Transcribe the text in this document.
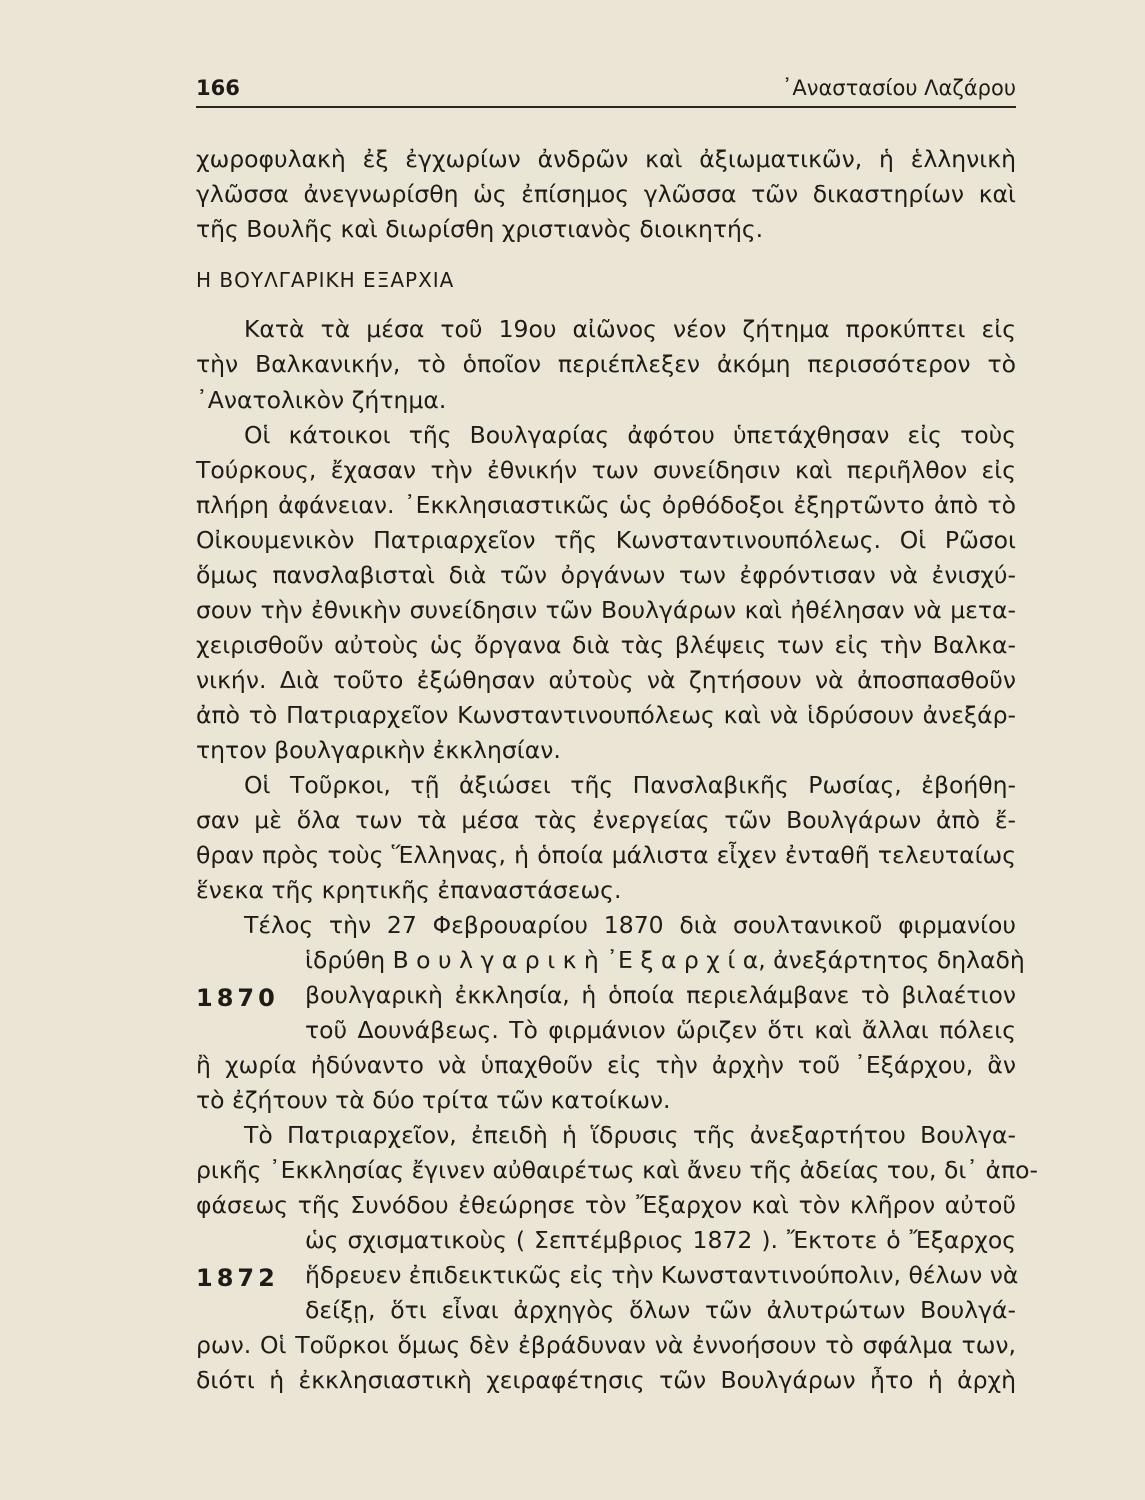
166	᾿Αναστασίου Λαζάρου
χωροφυλακὴ ἐξ ἐγχωρίων ἀνδρῶν καὶ ἀξιωματικῶν, ἡ ἑλληνικὴ
γλῶσσα ἀνεγνωρίσθη ὡς ἐπίσημος γλῶσσα τῶν δικαστηρίων καὶ
τῆς Βουλῆς καὶ διωρίσθη χριστιανὸς διοικητής.
Η ΒΟΥΛΓΑΡΙΚΗ ΕΞΑΡΧΙΑ
Κατὰ τὰ μέσα τοῦ 19ου αἰῶνος νέον ζήτημα προκύπτει εἰς
τὴν Βαλκανικήν, τὸ ὁποῖον περιέπλεξεν ἀκόμη περισσότερον τὸ
᾿Ανατολικὸν ζήτημα.
Οἱ κάτοικοι τῆς Βουλγαρίας ἀφότου ὑπετάχθησαν εἰς τοὺς
Τούρκους, ἔχασαν τὴν ἐθνικήν των συνείδησιν καὶ περιῆλθον εἰς
πλήρη ἀφάνειαν. ᾿Εκκλησιαστικῶς ὡς ὀρθόδοξοι ἐξηρτῶντο ἀπὸ τὸ
Οἰκουμενικὸν Πατριαρχεῖον τῆς Κωνσταντινουπόλεως. Οἱ Ρῶσοι
ὅμως πανσλαβισταὶ διὰ τῶν ὀργάνων των ἐφρόντισαν νὰ ἐνισχύ-
σουν τὴν ἐθνικὴν συνείδησιν τῶν Βουλγάρων καὶ ἠθέλησαν νὰ μετα-
χειρισθοῦν αὐτοὺς ὡς ὄργανα διὰ τὰς βλέψεις των εἰς τὴν Βαλκα-
νικήν. Διὰ τοῦτο ἐξώθησαν αὐτοὺς νὰ ζητήσουν νὰ ἀποσπασθοῦν
ἀπὸ τὸ Πατριαρχεῖον Κωνσταντινουπόλεως καὶ νὰ ἱδρύσουν ἀνεξάρ-
τητον βουλγαρικὴν ἐκκλησίαν.
Οἱ Τοῦρκοι, τῇ ἀξιώσει τῆς Πανσλαβικῆς Ρωσίας, ἐβοήθη-
σαν μὲ ὅλα των τὰ μέσα τὰς ἐνεργείας τῶν Βουλγάρων ἀπὸ ἔ-
θραν πρὸς τοὺς Ἕλληνας, ἡ ὁποία μάλιστα εἶχεν ἐνταθῆ τελευταίως
ἕνεκα τῆς κρητικῆς ἐπαναστάσεως.
Τέλος τὴν 27 Φεβρουαρίου 1870 διὰ σουλτανικοῦ φιρμανίου
ἱδρύθη Β ο υ λ γ α ρ ι κ ὴ ᾿Ε ξ α ρ χ ί α, ἀνεξάρτητος δηλαδὴ
1870 βουλγαρικὴ ἐκκλησία, ἡ ὁποία περιελάμβανε τὸ βιλαέτιον
τοῦ Δουνάβεως. Τὸ φιρμάνιον ὥριζεν ὅτι καὶ ἄλλαι πόλεις
ἢ χωρία ἠδύναντο νὰ ὑπαχθοῦν εἰς τὴν ἀρχὴν τοῦ ᾿Εξάρχου, ἂν
τὸ ἐζήτουν τὰ δύο τρίτα τῶν κατοίκων.
Τὸ Πατριαρχεῖον, ἐπειδὴ ἡ ἵδρυσις τῆς ἀνεξαρτήτου Βουλγα-
ρικῆς ᾿Εκκλησίας ἔγινεν αὐθαιρέτως καὶ ἄνευ τῆς ἀδείας του, δι᾿ ἀπο-
φάσεως τῆς Συνόδου ἐθεώρησε τὸν Ἔξαρχον καὶ τὸν κλῆρον αὐτοῦ
ὡς σχισματικοὺς ( Σεπτέμβριος 1872 ). Ἔκτοτε ὁ Ἔξαρχος
1872 ἥδρευεν ἐπιδεικτικῶς εἰς τὴν Κωνσταντινούπολιν, θέλων νὰ
δείξῃ, ὅτι εἶναι ἀρχηγὸς ὅλων τῶν ἀλυτρώτων Βουλγά-
ρων. Οἱ Τοῦρκοι ὅμως δὲν ἐβράδυναν νὰ ἐννοήσουν τὸ σφάλμα των,
διότι ἡ ἐκκλησιαστικὴ χειραφέτησις τῶν Βουλγάρων ἦτο ἡ ἀρχὴ
